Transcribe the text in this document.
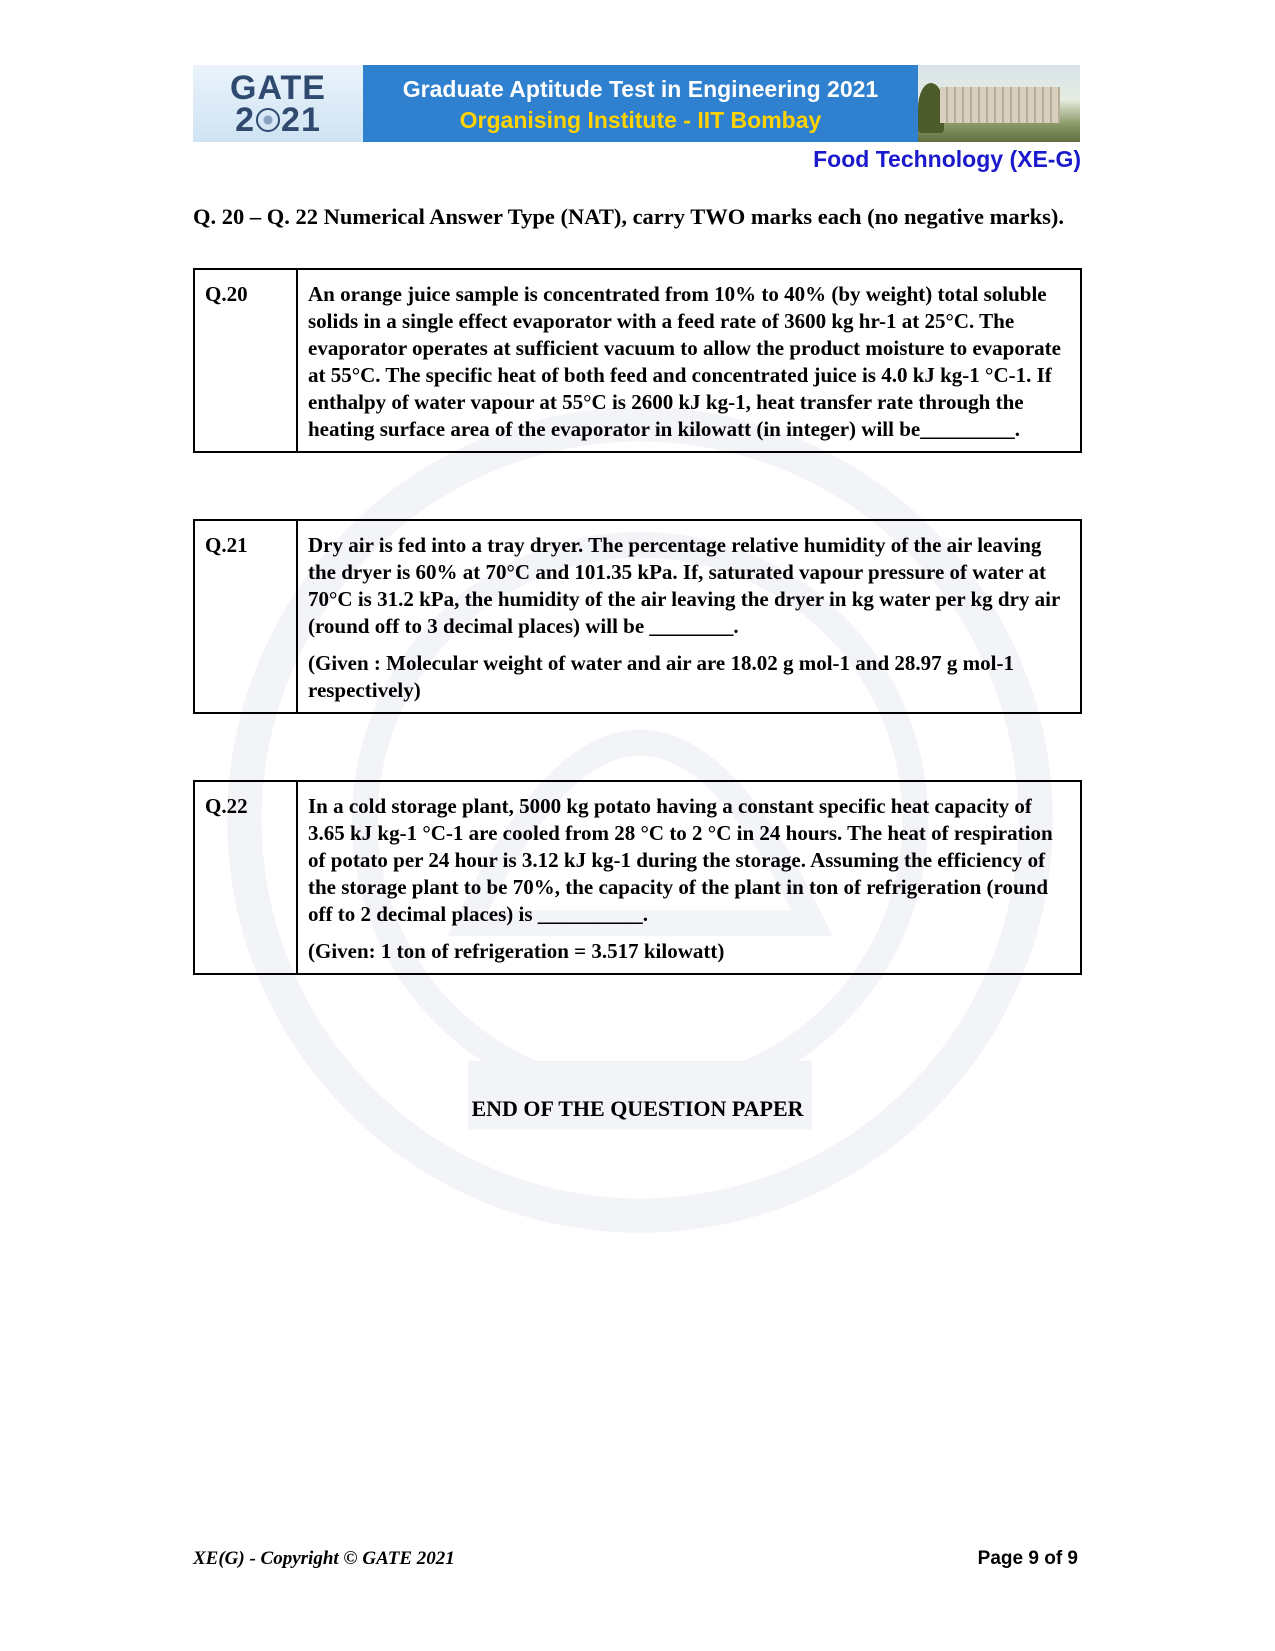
GATE
2 21
Graduate Aptitude Test in Engineering 2021
Organising Institute - IIT Bombay
Food Technology (XE-G)
Q. 20 – Q. 22 Numerical Answer Type (NAT), carry TWO marks each (no negative marks).
Q.20	An orange juice sample is concentrated from 10% to 40% (by weight) total soluble solids in a single effect evaporator with a feed rate of 3600 kg hr-1 at 25°C. The evaporator operates at sufficient vacuum to allow the product moisture to evaporate at 55°C. The specific heat of both feed and concentrated juice is 4.0 kJ kg-1 °C-1. If enthalpy of water vapour at 55°C is 2600 kJ kg-1, heat transfer rate through the heating surface area of the evaporator in kilowatt (in integer) will be_________.

Q.21	Dry air is fed into a tray dryer. The percentage relative humidity of the air leaving the dryer is 60% at 70°C and 101.35 kPa. If, saturated vapour pressure of water at 70°C is 31.2 kPa, the humidity of the air leaving the dryer in kg water per kg dry air (round off to 3 decimal places) will be ________.

(Given : Molecular weight of water and air are 18.02 g mol-1 and 28.97 g mol-1 respectively)

Q.22	In a cold storage plant, 5000 kg potato having a constant specific heat capacity of 3.65 kJ kg-1 °C-1 are cooled from 28 °C to 2 °C in 24 hours. The heat of respiration of potato per 24 hour is 3.12 kJ kg-1 during the storage. Assuming the efficiency of the storage plant to be 70%, the capacity of the plant in ton of refrigeration (round off to 2 decimal places) is __________.

(Given: 1 ton of refrigeration = 3.517 kilowatt)

END OF THE QUESTION PAPER
XE(G) - Copyright © GATE 2021	Page 9 of 9
